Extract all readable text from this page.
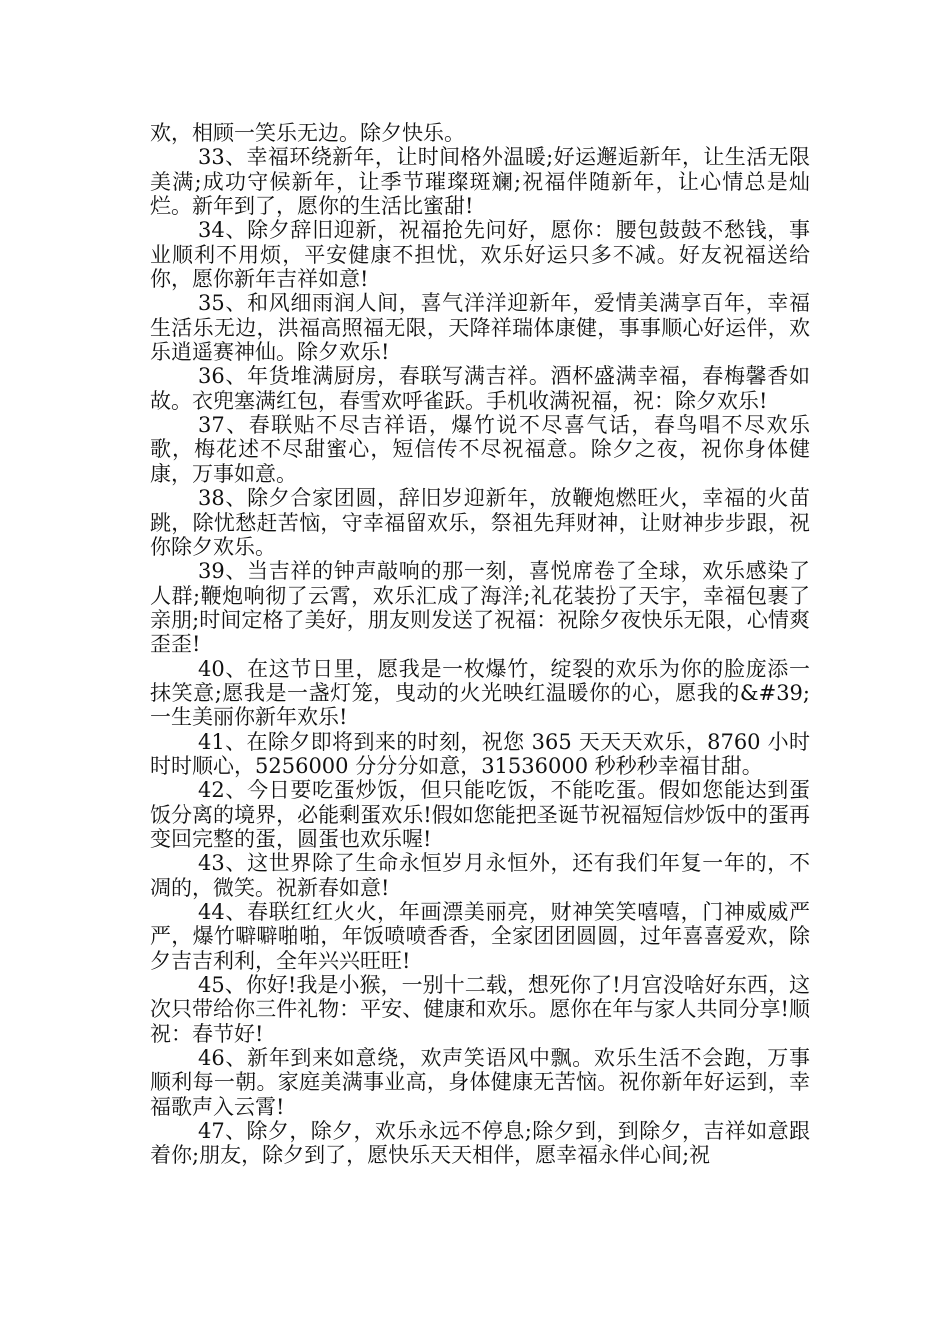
欢，相顾一笑乐无边。除夕快乐。

33、幸福环绕新年，让时间格外温暖;好运邂逅新年，让生活无限美满;成功守候新年，让季节璀璨斑斓;祝福伴随新年，让心情总是灿烂。新年到了，愿你的生活比蜜甜!

34、除夕辞旧迎新，祝福抢先问好，愿你：腰包鼓鼓不愁钱，事业顺利不用烦，平安健康不担忧，欢乐好运只多不减。好友祝福送给你，愿你新年吉祥如意!

35、和风细雨润人间，喜气洋洋迎新年，爱情美满享百年，幸福生活乐无边，洪福高照福无限，天降祥瑞体康健，事事顺心好运伴，欢乐逍遥赛神仙。除夕欢乐!

36、年货堆满厨房，春联写满吉祥。酒杯盛满幸福，春梅馨香如故。衣兜塞满红包，春雪欢呼雀跃。手机收满祝福，祝：除夕欢乐!

37、春联贴不尽吉祥语，爆竹说不尽喜气话，春鸟唱不尽欢乐歌，梅花述不尽甜蜜心，短信传不尽祝福意。除夕之夜，祝你身体健康，万事如意。

38、除夕合家团圆，辞旧岁迎新年，放鞭炮燃旺火，幸福的火苗跳，除忧愁赶苦恼，守幸福留欢乐，祭祖先拜财神，让财神步步跟，祝你除夕欢乐。

39、当吉祥的钟声敲响的那一刻，喜悦席卷了全球，欢乐感染了人群;鞭炮响彻了云霄，欢乐汇成了海洋;礼花装扮了天宇，幸福包裹了亲朋;时间定格了美好，朋友则发送了祝福：祝除夕夜快乐无限，心情爽歪歪!

40、在这节日里，愿我是一枚爆竹，绽裂的欢乐为你的脸庞添一抹笑意;愿我是一盏灯笼，曳动的火光映红温暖你的心，愿我的&#39;一生美丽你新年欢乐!

41、在除夕即将到来的时刻，祝您 365 天天天欢乐，8760 小时时时顺心，5256000 分分分如意，31536000 秒秒秒幸福甘甜。

42、今日要吃蛋炒饭，但只能吃饭，不能吃蛋。假如您能达到蛋饭分离的境界，必能剩蛋欢乐!假如您能把圣诞节祝福短信炒饭中的蛋再变回完整的蛋，圆蛋也欢乐喔!

43、这世界除了生命永恒岁月永恒外，还有我们年复一年的，不凋的，微笑。祝新春如意!

44、春联红红火火，年画漂美丽亮，财神笑笑嘻嘻，门神威威严严，爆竹噼噼啪啪，年饭喷喷香香，全家团团圆圆，过年喜喜爱欢，除夕吉吉利利，全年兴兴旺旺!

45、你好!我是小猴，一别十二载，想死你了!月宫没啥好东西，这次只带给你三件礼物：平安、健康和欢乐。愿你在年与家人共同分享!顺祝：春节好!

46、新年到来如意绕，欢声笑语风中飘。欢乐生活不会跑，万事顺利每一朝。家庭美满事业高，身体健康无苦恼。祝你新年好运到，幸福歌声入云霄!

47、除夕，除夕，欢乐永远不停息;除夕到，到除夕，吉祥如意跟着你;朋友，除夕到了，愿快乐天天相伴，愿幸福永伴心间;祝
